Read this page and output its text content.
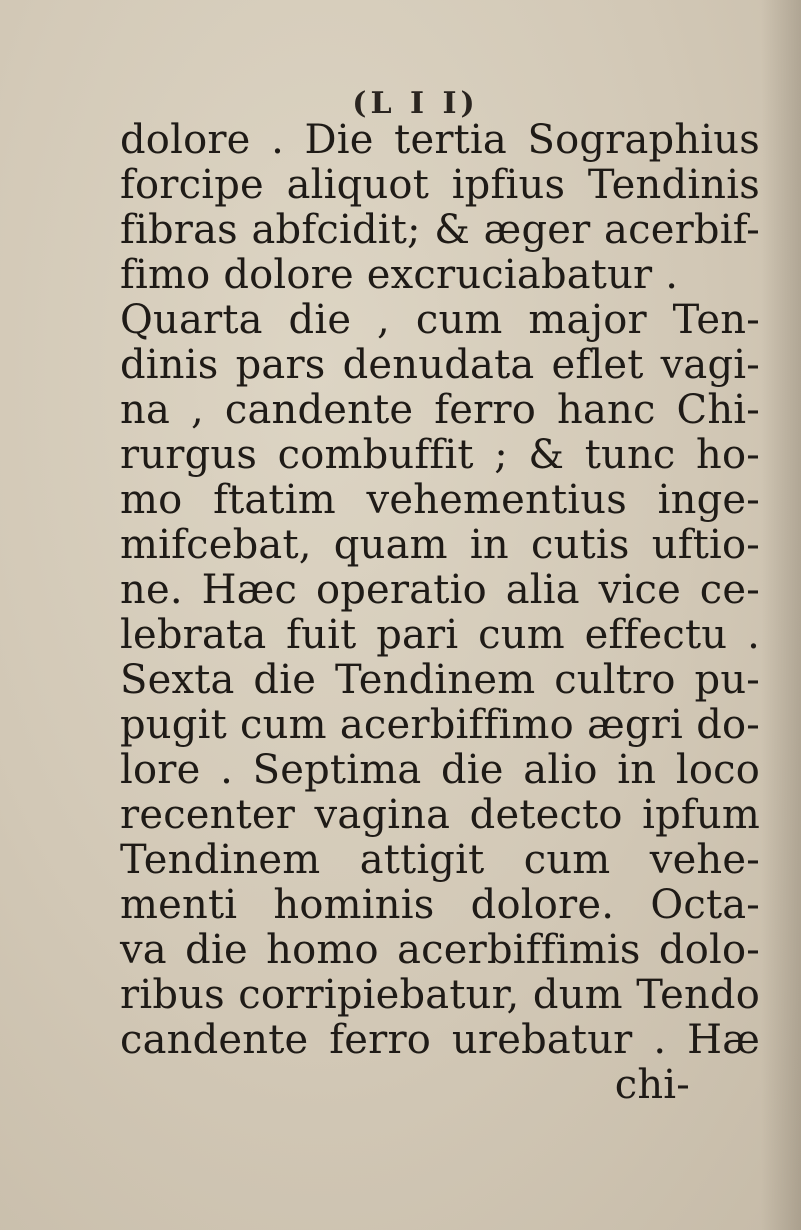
(L I I)
dolore . Die tertia Sographius
forcipe aliquot ipfius Tendinis
fibras abfcidit; & æger acerbif-
fimo dolore excruciabatur .
Quarta die , cum major Ten-
dinis pars denudata eflet vagi-
na , candente ferro hanc Chi-
rurgus combuffit ; & tunc ho-
mo ftatim vehementius inge-
mifcebat, quam in cutis uftio-
ne. Hæc operatio alia vice ce-
lebrata fuit pari cum effectu .
Sexta die Tendinem cultro pu-
pugit cum acerbiffimo ægri do-
lore . Septima die alio in loco
recenter vagina detecto ipfum
Tendinem attigit cum vehe-
menti hominis dolore. Octa-
va die homo acerbiffimis dolo-
ribus corripiebatur, dum Tendo
candente ferro urebatur . Hæ
chi-
